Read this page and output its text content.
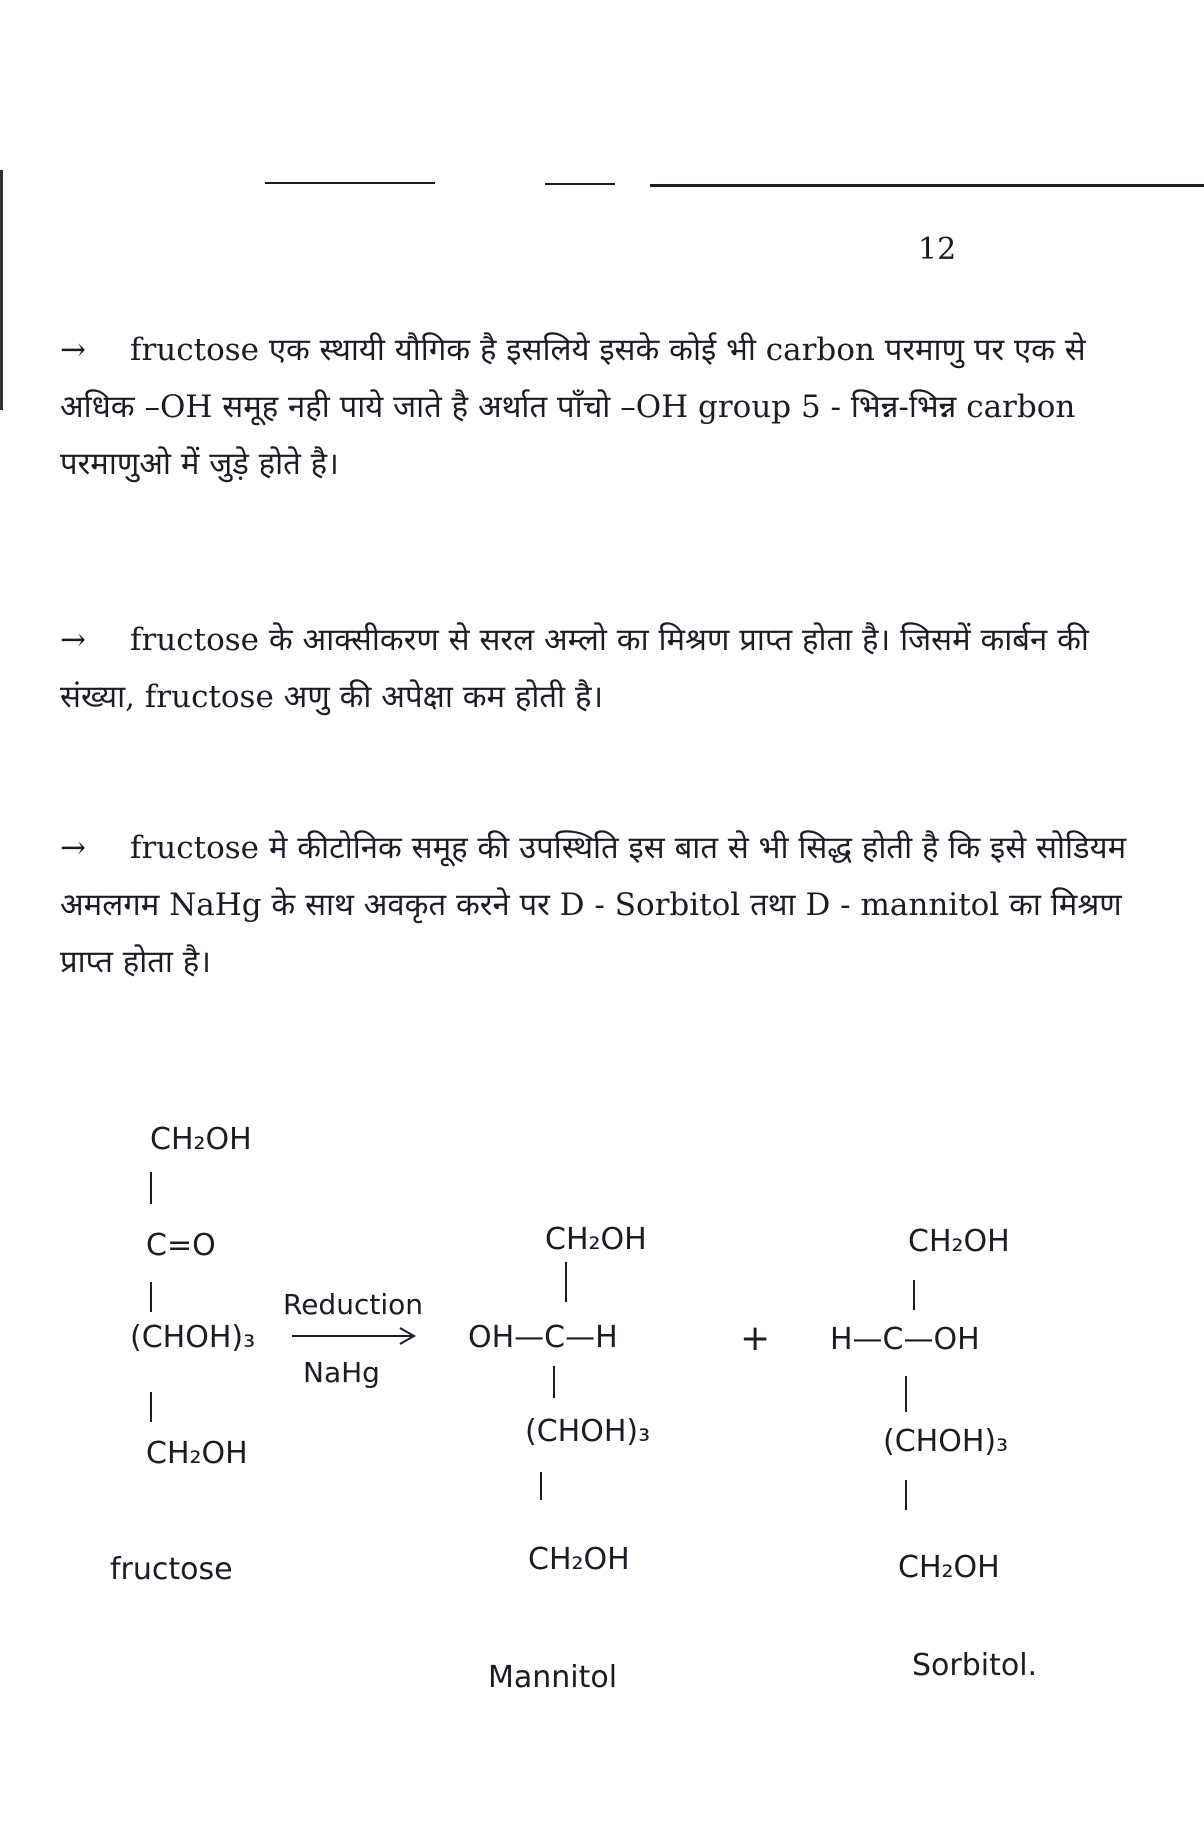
12
→ fructose एक स्थायी यौगिक है इसलिये इसके कोई भी carbon परमाणु पर एक से अधिक –OH समूह नही पाये जाते है अर्थात पाँचो –OH group 5 - भिन्न-भिन्न carbon परमाणुओ में जुड़े होते है।
→ fructose के आक्सीकरण से सरल अम्लो का मिश्रण प्राप्त होता है। जिसमें कार्बन की संख्या, fructose अणु की अपेक्षा कम होती है।
→ fructose मे कीटोनिक समूह की उपस्थिति इस बात से भी सिद्ध होती है कि इसे सोडियम अमलगम NaHg के साथ अवकृत करने पर D - Sorbitol तथा D - mannitol का मिश्रण प्राप्त होता है।
CH₂OH
C=O
(CHOH)₃
CH₂OH
fructose
Reduction
NaHg
CH₂OH
OH—C—H
(CHOH)₃
CH₂OH
Mannitol
+
CH₂OH
H—C—OH
(CHOH)₃
CH₂OH
Sorbitol.
